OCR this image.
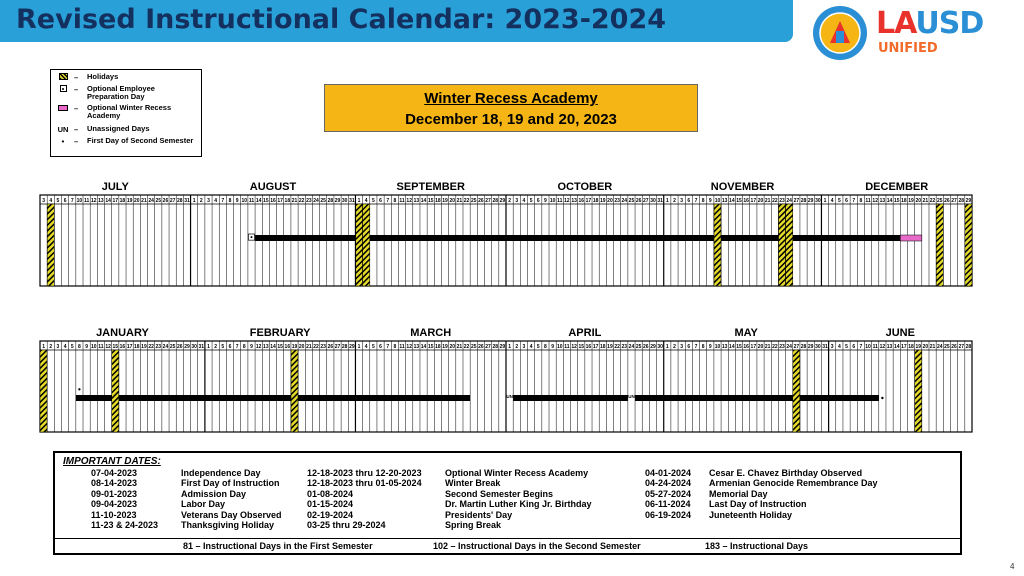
Revised Instructional Calendar: 2023-2024	LAUSD
UNIFIED
– Holidays
– Optional Employee Preparation Day
– Optional Winter Recess Academy
UN – Unassigned Days
•	– First Day of Second Semester
Winter Recess Academy
December 18, 19 and 20, 2023
JULY
3 4 5 6 7 10 11 12 13 14 17 18 19 20 21 24 25 26 27 28 31
AUGUST
1 2 3 4 7 8 9 10 11 14 15 16 17 18 21 22 23 24 25 28 29 30 31
SEPTEMBER
1 4 5 6 7 8 11 12 13 14 15 18 19 20 21 22 25 26 27 28 29
OCTOBER
2 3 4 5 6 9 10 11 12 13 16 17 18 19 20 23 24 25 26 27 30 31
NOVEMBER
1 2 3 6 7 8 9 10 13 14 15 16 17 20 21 22 23 24 27 28 29 30
DECEMBER
1 4 5 6 7 8 11 12 13 14 15 18 19 20 21 22 25 26 27 28 29
JANUARY
1 2 3 4 5 8 9 10 11 12 15 16 17 18 19 22 23 24 25 26 29 30 31
FEBRUARY
1 2 5 6 7 8 9 12 13 14 15 16 19 20 21 22 23 26 27 28 29
MARCH
1 4 5 6 7 8 11 12 13 14 15 18 19 20 21 22 25 26 27 28 29
APRIL
1 2 3 4 5 8 9 10 11 12 15 16 17 18 19 22 23 24 25 26 29 30
MAY
1 2 3 6 7 8 9 10 13 14 15 16 17 20 21 22 23 24 27 28 29 30 31
JUNE
3 4 5 6 7 10 11 12 13 14 17 18 19 20 21 24 25 26 27 28
UN	UN UN UN
UN	UN
•
IMPORTANT DATES:
07-04-2023	Independence Day
08-14-2023	First Day of Instruction
09-01-2023	Admission Day
09-04-2023	Labor Day
11-10-2023	Veterans Day Observed
11-23 & 24-2023	Thanksgiving Holiday
12-18-2023 thru 12-20-2023	Optional Winter Recess Academy
12-18-2023 thru 01-05-2024	Winter Break
01-08-2024	Second Semester Begins
01-15-2024	Dr. Martin Luther King Jr. Birthday
02-19-2024	Presidents' Day
03-25 thru 29-2024	Spring Break
04-01-2024 Cesar E. Chavez Birthday Observed
04-24-2024 Armenian Genocide Remembrance Day
05-27-2024 Memorial Day
06-11-2024 Last Day of Instruction
06-19-2024 Juneteenth Holiday
81 – Instructional Days in the First Semester	102 – Instructional Days in the Second Semester	183 – Instructional Days
4
